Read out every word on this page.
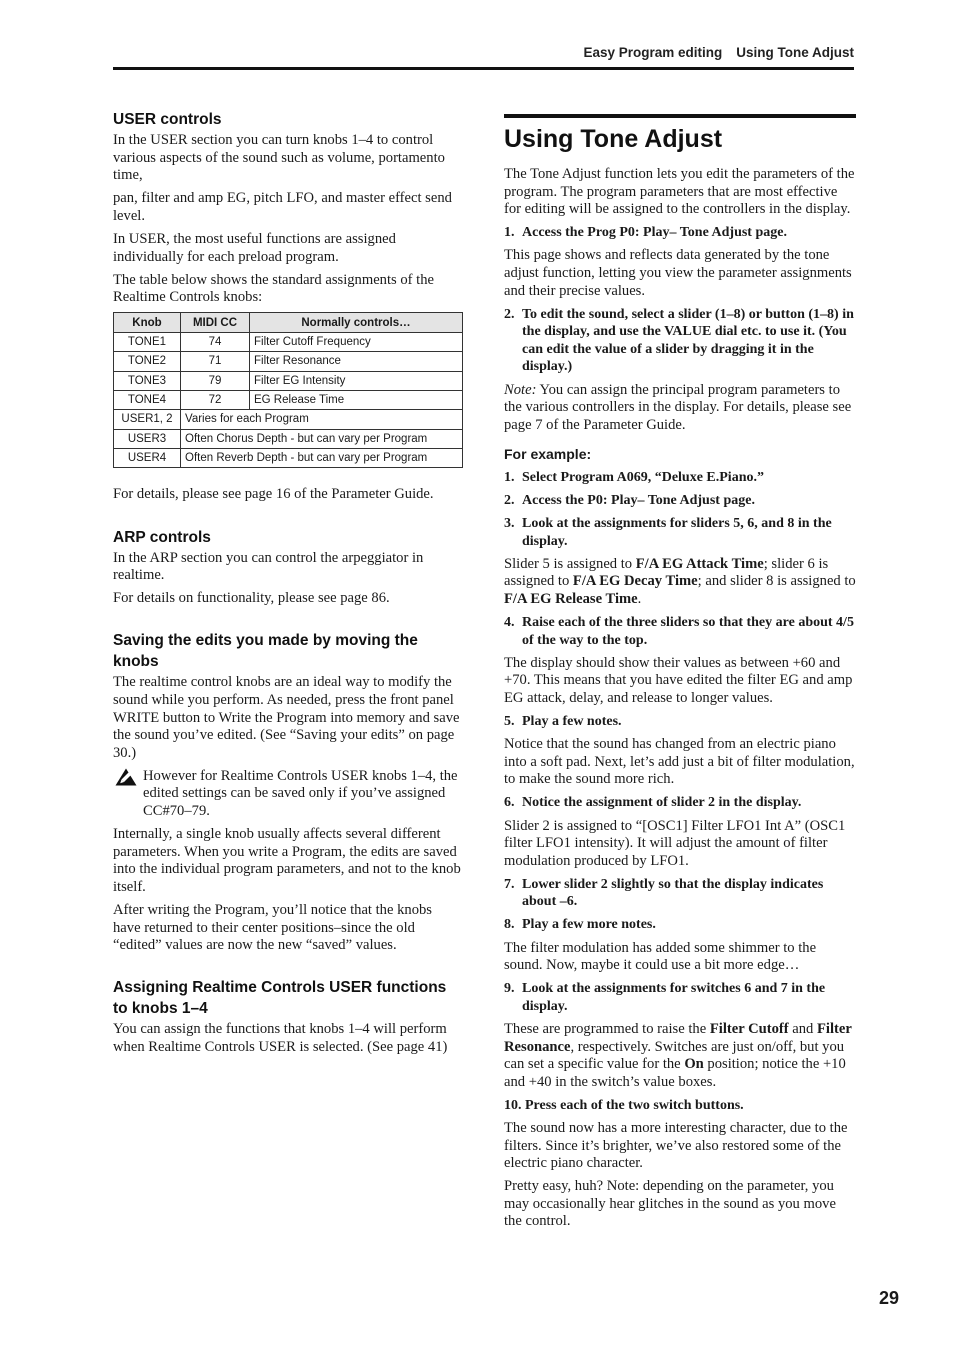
Easy Program editing Using Tone Adjust
USER controls

In the USER section you can turn knobs 1–4 to control various aspects of the sound such as volume, portamento time,

pan, filter and amp EG, pitch LFO, and master effect send level.

In USER, the most useful functions are assigned individually for each preload program.

The table below shows the standard assignments of the Realtime Controls knobs:

Knob	MIDI CC	Normally controls…
TONE1	74	Filter Cutoff Frequency
TONE2	71	Filter Resonance
TONE3	79	Filter EG Intensity
TONE4	72	EG Release Time
USER1, 2	Varies for each Program	
USER3	Often Chorus Depth - but can vary per Program	
USER4	Often Reverb Depth - but can vary per Program	

For details, please see page 16 of the Parameter Guide.

ARP controls

In the ARP section you can control the arpeggiator in realtime.

For details on functionality, please see page 86.

Saving the edits you made by moving the knobs

The realtime control knobs are an ideal way to modify the sound while you perform. As needed, press the front panel WRITE button to Write the Program into memory and save the sound you’ve edited. (See “Saving your edits” on page 30.)

However for Realtime Controls USER knobs 1–4, the edited settings can be saved only if you’ve assigned CC#70–79.

Internally, a single knob usually affects several different parameters. When you write a Program, the edits are saved into the individual program parameters, and not to the knob itself.

After writing the Program, you’ll notice that the knobs have returned to their center positions–since the old “edited” values are now the new “saved” values.

Assigning Realtime Controls USER functions to knobs 1–4

You can assign the functions that knobs 1–4 will perform when Realtime Controls USER is selected. (See page 41)

Using Tone Adjust

The Tone Adjust function lets you edit the parameters of the program. The program parameters that are most effective for editing will be assigned to the controllers in the display.

1. Access the Prog P0: Play– Tone Adjust page.

This page shows and reflects data generated by the tone adjust function, letting you view the parameter assignments and their precise values.

2. To edit the sound, select a slider (1–8) or button (1–8) in the display, and use the VALUE dial etc. to use it. (You can edit the value of a slider by dragging it in the display.)

Note: You can assign the principal program parameters to the various controllers in the display. For details, please see page 7 of the Parameter Guide.

For example:
1. Select Program A069, “Deluxe E.Piano.”
2. Access the P0: Play– Tone Adjust page.
3. Look at the assignments for sliders 5, 6, and 8 in the display.

Slider 5 is assigned to F/A EG Attack Time; slider 6 is assigned to F/A EG Decay Time; and slider 8 is assigned to F/A EG Release Time.

4. Raise each of the three sliders so that they are about 4/5 of the way to the top.

The display should show their values as between +60 and +70. This means that you have edited the filter EG and amp EG attack, delay, and release to longer values.

5. Play a few notes.

Notice that the sound has changed from an electric piano into a soft pad. Next, let’s add just a bit of filter modulation, to make the sound more rich.

6. Notice the assignment of slider 2 in the display.

Slider 2 is assigned to “[OSC1] Filter LFO1 Int A” (OSC1 filter LFO1 intensity). It will adjust the amount of filter modulation produced by LFO1.

7. Lower slider 2 slightly so that the display indicates about –6.
8. Play a few more notes.

The filter modulation has added some shimmer to the sound. Now, maybe it could use a bit more edge…

9. Look at the assignments for switches 6 and 7 in the display.

These are programmed to raise the Filter Cutoff and Filter Resonance, respectively. Switches are just on/off, but you can set a specific value for the On position; notice the +10 and +40 in the switch’s value boxes.

10. Press each of the two switch buttons.

The sound now has a more interesting character, due to the filters. Since it’s brighter, we’ve also restored some of the electric piano character.

Pretty easy, huh? Note: depending on the parameter, you may occasionally hear glitches in the sound as you move the control.

29
